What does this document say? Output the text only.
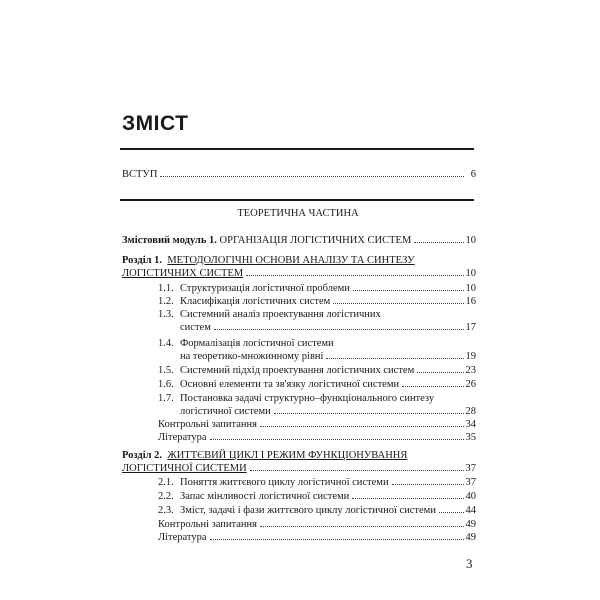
ЗМІСТ
ВСТУП	6
ТЕОРЕТИЧНА ЧАСТИНА
Змістовий модуль 1.
ОРГАНІЗАЦІЯ ЛОГІСТИЧНИХ СИСТЕМ	10
Розділ 1. МЕТОДОЛОГІЧНІ ОСНОВИ АНАЛІЗУ ТА СИНТЕЗУ
ЛОГІСТИЧНИХ СИСТЕМ	10
1.1. Структуризація логістичної проблеми	10
1.2. Класифікація логістичних систем	16
1.3. Системний аналіз проектування логістичних
систем	17
1.4. Формалізація логістичної системи
на теоретико-множинному рівні	19
1.5. Системний підхід проектування логістичних систем	23
1.6. Основні елементи та зв'язку логістичної системи	26
1.7. Постановка задачі структурно–функціонального синтезу
логістичної системи	28
Контрольні запитання	34
Література	35
Розділ 2. ЖИТТЄВИЙ ЦИКЛ І РЕЖИМ ФУНКЦІОНУВАННЯ
ЛОГІСТИЧНОЇ СИСТЕМИ	37
2.1. Поняття життєвого циклу логістичної системи	37
2.2. Запас мінливості логістичної системи	40
2.3. Зміст, задачі і фази життєвого циклу логістичної системи	44
Контрольні запитання	49
Література	49
3
